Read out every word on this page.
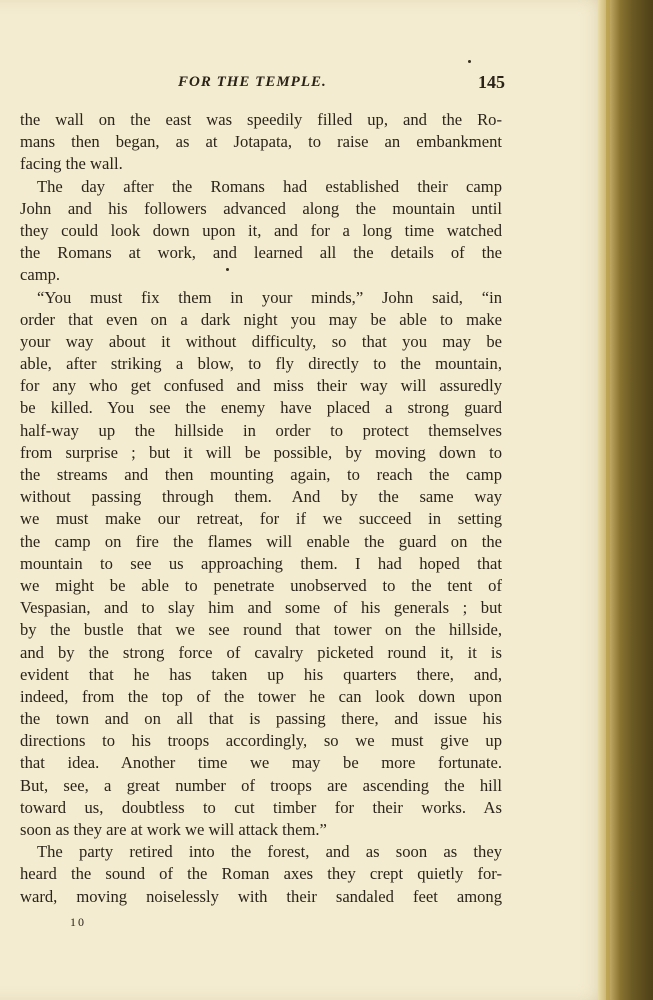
FOR THE TEMPLE.	145
the wall on the east was speedily filled up, and the Ro-
mans then began, as at Jotapata, to raise an embankment
facing the wall.
The day after the Romans had established their camp
John and his followers advanced along the mountain until
they could look down upon it, and for a long time watched
the Romans at work, and learned all the details of the
camp.
“You must fix them in your minds,” John said, “in
order that even on a dark night you may be able to make
your way about it without difficulty, so that you may be
able, after striking a blow, to fly directly to the mountain,
for any who get confused and miss their way will assuredly
be killed. You see the enemy have placed a strong guard
half-way up the hillside in order to protect themselves
from surprise ; but it will be possible, by moving down to
the streams and then mounting again, to reach the camp
without passing through them. And by the same way
we must make our retreat, for if we succeed in setting
the camp on fire the flames will enable the guard on the
mountain to see us approaching them. I had hoped that
we might be able to penetrate unobserved to the tent of
Vespasian, and to slay him and some of his generals ; but
by the bustle that we see round that tower on the hillside,
and by the strong force of cavalry picketed round it, it is
evident that he has taken up his quarters there, and,
indeed, from the top of the tower he can look down upon
the town and on all that is passing there, and issue his
directions to his troops accordingly, so we must give up
that idea. Another time we may be more fortunate.
But, see, a great number of troops are ascending the hill
toward us, doubtless to cut timber for their works. As
soon as they are at work we will attack them.”
The party retired into the forest, and as soon as they
heard the sound of the Roman axes they crept quietly for-
ward, moving noiselessly with their sandaled feet among
10
